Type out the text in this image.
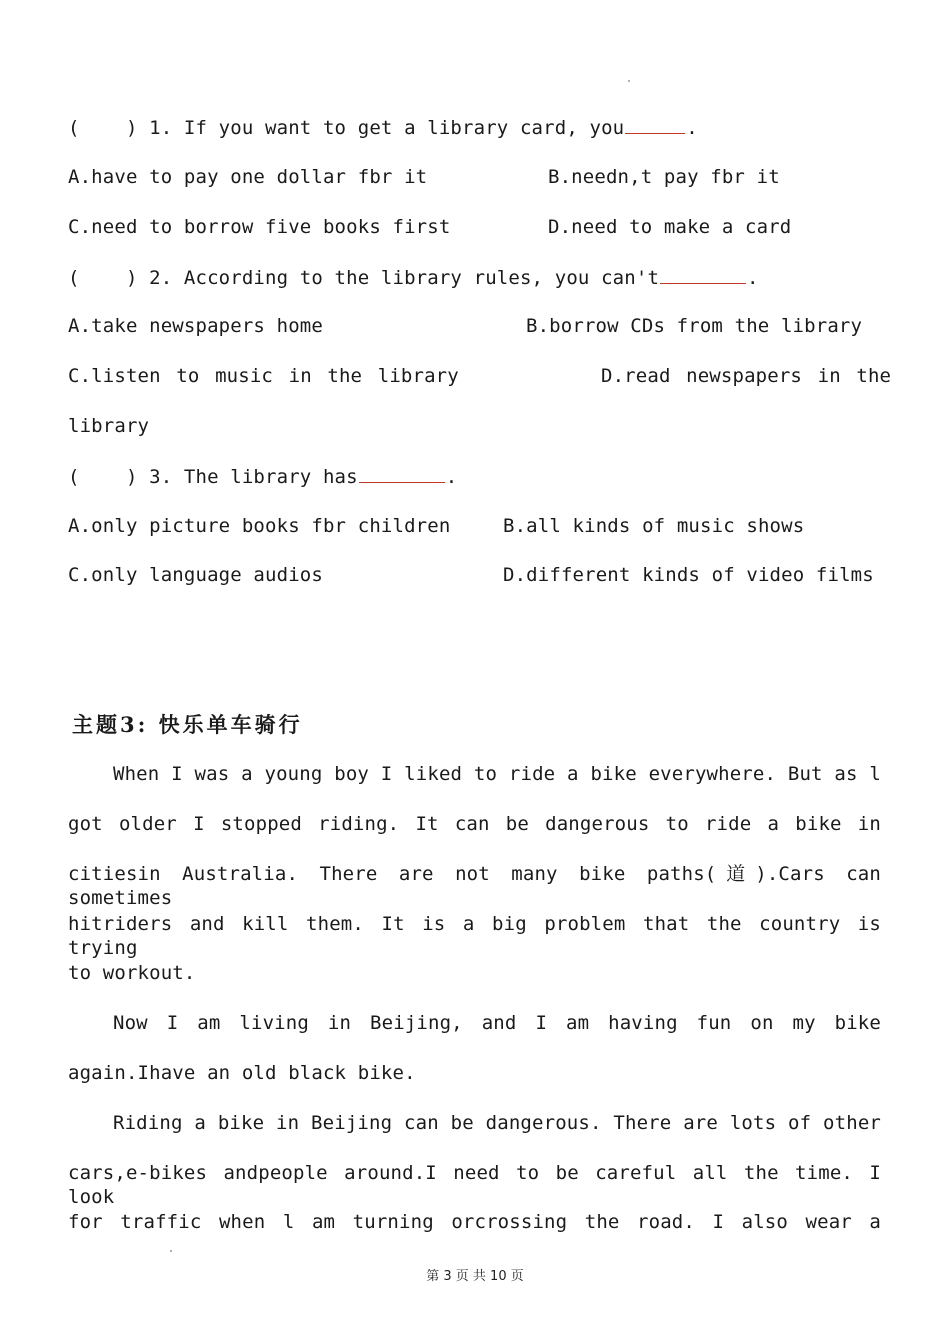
(    ) 1. If you want to get a library card, you	.
A.have to pay one dollar fbr it	B.needn,t pay fbr it
C.need to borrow five books first	D.need to make a card
(    ) 2. According to the library rules, you can't	.
A.take newspapers home	B.borrow CDs from the library
C.listen to music in the library	D.read newspapers in the
library
(    ) 3. The library has	.
A.only picture books fbr children	B.all kinds of music shows
C.only language audios	D.different kinds of video films
主题3: 快乐单车骑行
When I was a young boy I liked to ride a bike everywhere. But as l
got older I stopped riding. It can be dangerous to ride a bike in
citiesin Australia. There are not many bike paths(道).Cars can sometimes
hitriders and kill them. It is a big problem that the country is trying
to workout.
Now I am living in Beijing, and I am having fun on my bike
again.Ihave an old black bike.
Riding a bike in Beijing can be dangerous. There are lots of other
cars,e-bikes andpeople around.I need to be careful all the time. I look
for traffic when l am turning orcrossing the road. I also wear a
第 3 页 共 10 页
